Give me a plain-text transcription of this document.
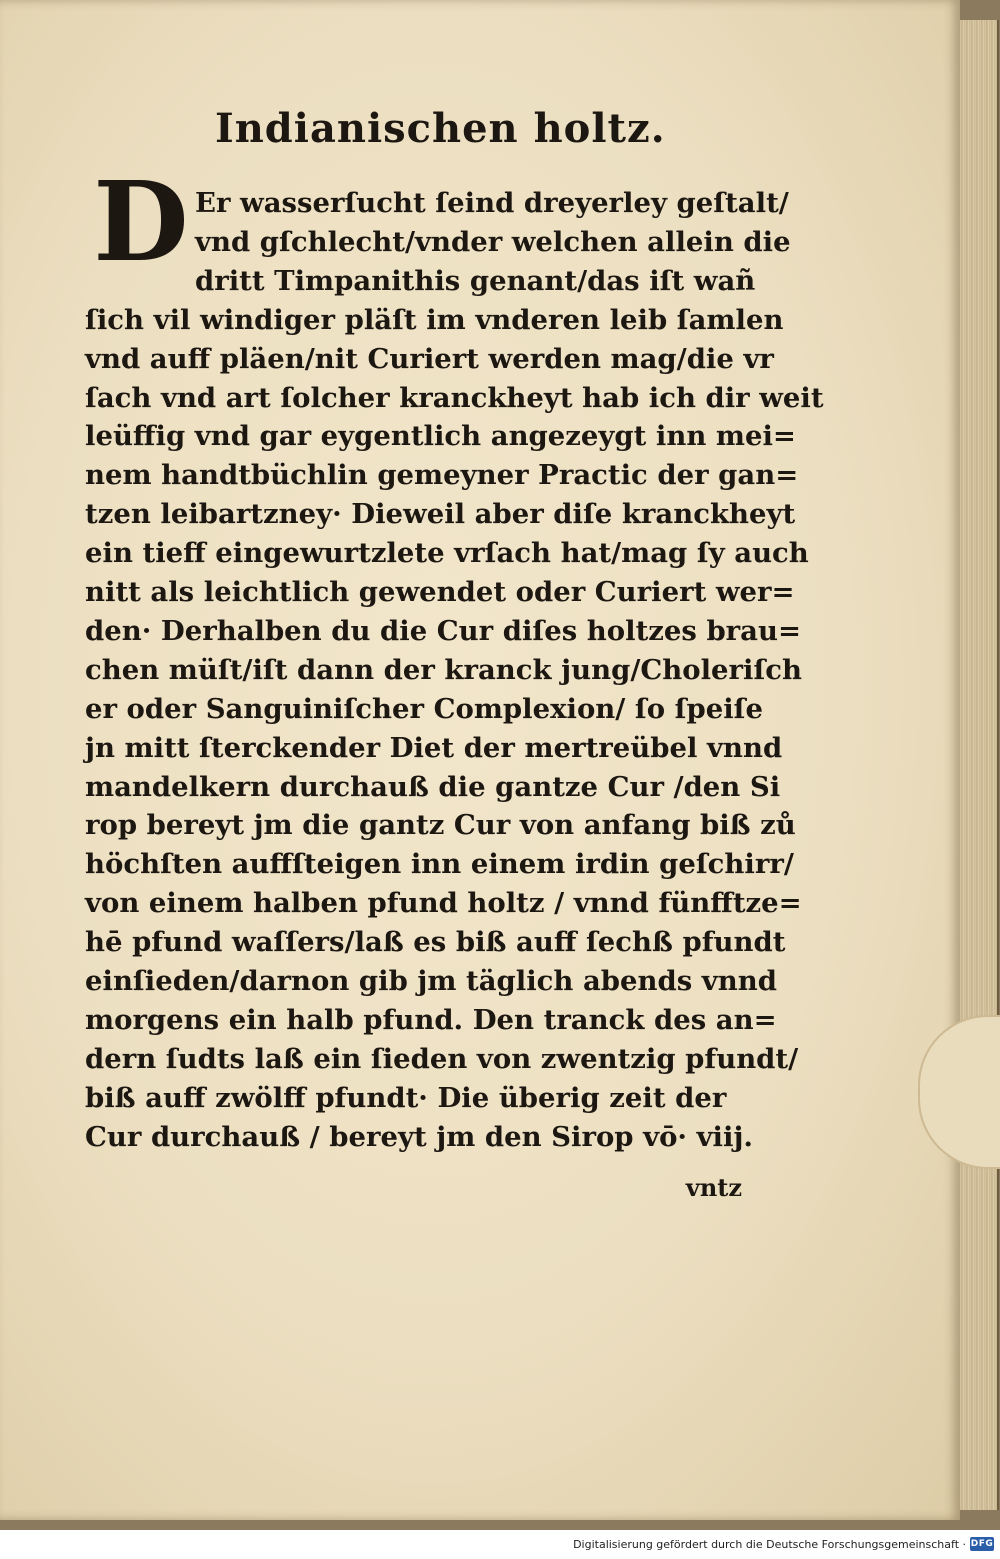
Indianischen holtz.
D Er wasserſucht ſeind dreyerley geſtalt/
vnd gſchlecht/vnder welchen allein die
dritt Timpanithis genant/das iſt wañ
ſich vil windiger pläſt im vnderen leib ſamlen
vnd auff pläen/nit Curiert werden mag/die vr
ſach vnd art ſolcher kranckheyt hab ich dir weit
leüffig vnd gar eygentlich angezeygt inn mei=
nem handtbüchlin gemeyner Practic der gan=
tzen leibartzney· Dieweil aber diſe kranckheyt
ein tieff eingewurtzlete vrſach hat/mag ſy auch
nitt als leichtlich gewendet oder Curiert wer=
den· Derhalben du die Cur diſes holtzes brau=
chen müſt/iſt dann der kranck jung/Choleriſch
er oder Sanguiniſcher Complexion/ ſo ſpeiſe
jn mitt ſterckender Diet der mertreübel vnnd
mandelkern durchauß die gantze Cur /den Si
rop bereyt jm die gantz Cur von anfang biß zů
höchſten auffſteigen inn einem irdin geſchirr/
von einem halben pfund holtz / vnnd fünfftze=
hē pfund waſſers/laß es biß auff ſechß pfundt
einſieden/darnon gib jm täglich abends vnnd
morgens ein halb pfund. Den tranck des an=
dern ſudts laß ein ſieden von zwentzig pfundt/
biß auff zwölff pfundt· Die überig zeit der
Cur durchauß / bereyt jm den Sirop vō· viij.
vntz
Digitalisierung gefördert durch die Deutsche Forschungsgemeinschaft · DFG
